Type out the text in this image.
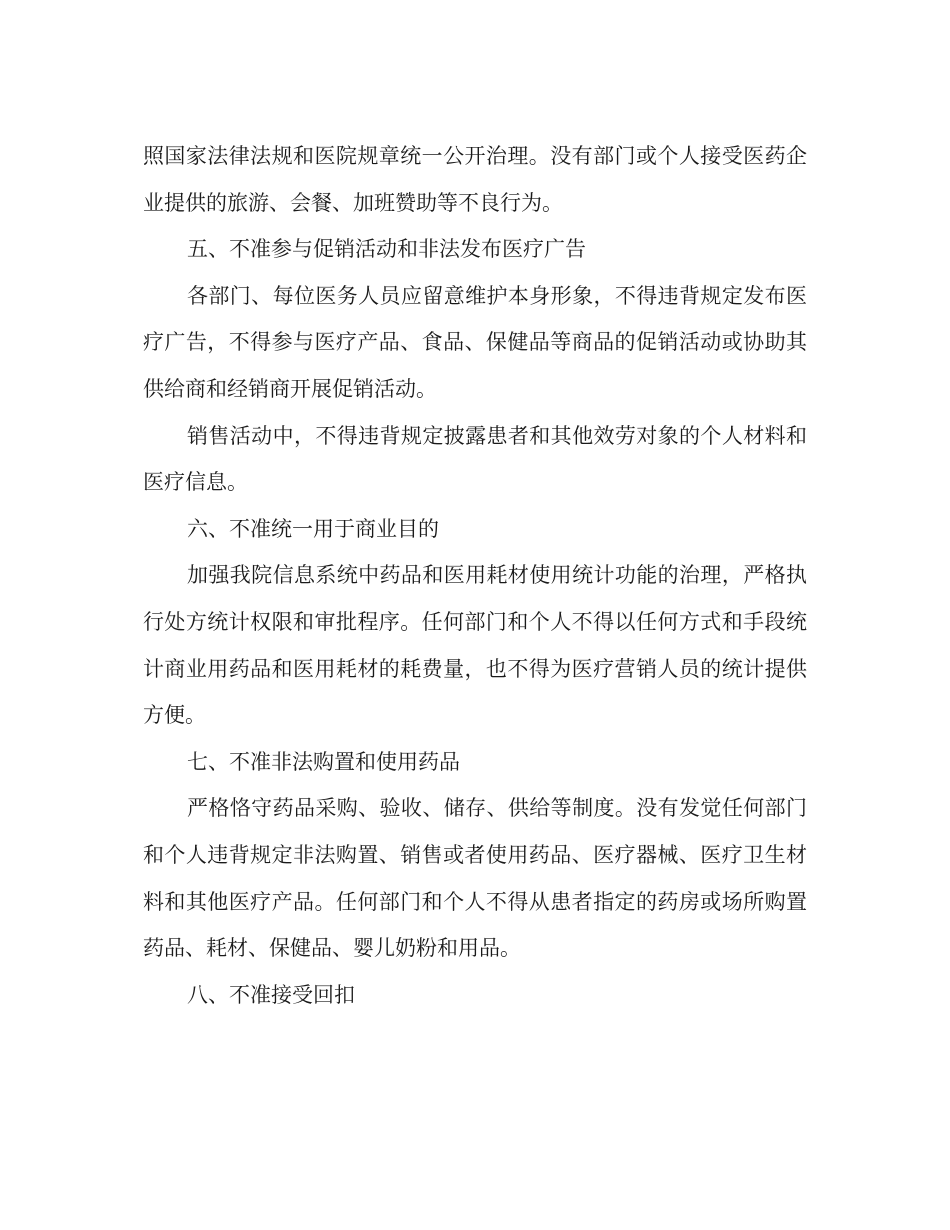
照国家法律法规和医院规章统一公开治理。没有部门或个人接受医药企业提供的旅游、会餐、加班赞助等不良行为。

五、不准参与促销活动和非法发布医疗广告

各部门、每位医务人员应留意维护本身形象，不得违背规定发布医疗广告，不得参与医疗产品、食品、保健品等商品的促销活动或协助其供给商和经销商开展促销活动。

销售活动中，不得违背规定披露患者和其他效劳对象的个人材料和医疗信息。

六、不准统一用于商业目的

加强我院信息系统中药品和医用耗材使用统计功能的治理，严格执行处方统计权限和审批程序。任何部门和个人不得以任何方式和手段统计商业用药品和医用耗材的耗费量，也不得为医疗营销人员的统计提供方便。

七、不准非法购置和使用药品

严格恪守药品采购、验收、储存、供给等制度。没有发觉任何部门和个人违背规定非法购置、销售或者使用药品、医疗器械、医疗卫生材料和其他医疗产品。任何部门和个人不得从患者指定的药房或场所购置药品、耗材、保健品、婴儿奶粉和用品。

八、不准接受回扣
